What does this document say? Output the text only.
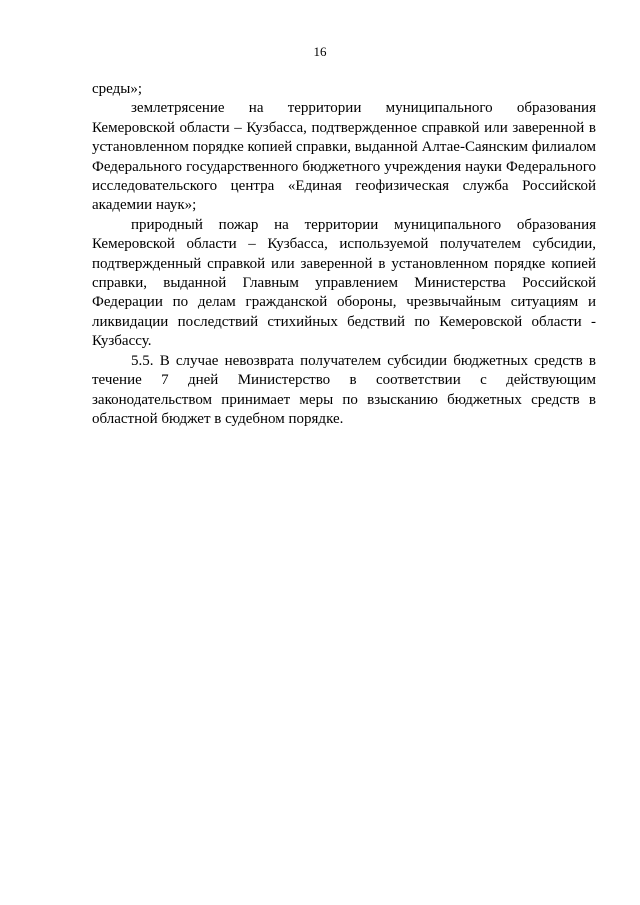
16

среды»;

землетрясение на территории муниципального образования Кемеровской области – Кузбасса, подтвержденное справкой или заверенной в установленном порядке копией справки, выданной Алтае-Саянским филиалом Федерального государственного бюджетного учреждения науки Федерального исследовательского центра «Единая геофизическая служба Российской академии наук»;

природный пожар на территории муниципального образования Кемеровской области – Кузбасса, используемой получателем субсидии, подтвержденный справкой или заверенной в установленном порядке копией справки, выданной Главным управлением Министерства Российской Федерации по делам гражданской обороны, чрезвычайным ситуациям и ликвидации последствий стихийных бедствий по Кемеровской области - Кузбассу.

5.5. В случае невозврата получателем субсидии бюджетных средств в течение 7 дней Министерство в соответствии с действующим законодательством принимает меры по взысканию бюджетных средств в областной бюджет в судебном порядке.
